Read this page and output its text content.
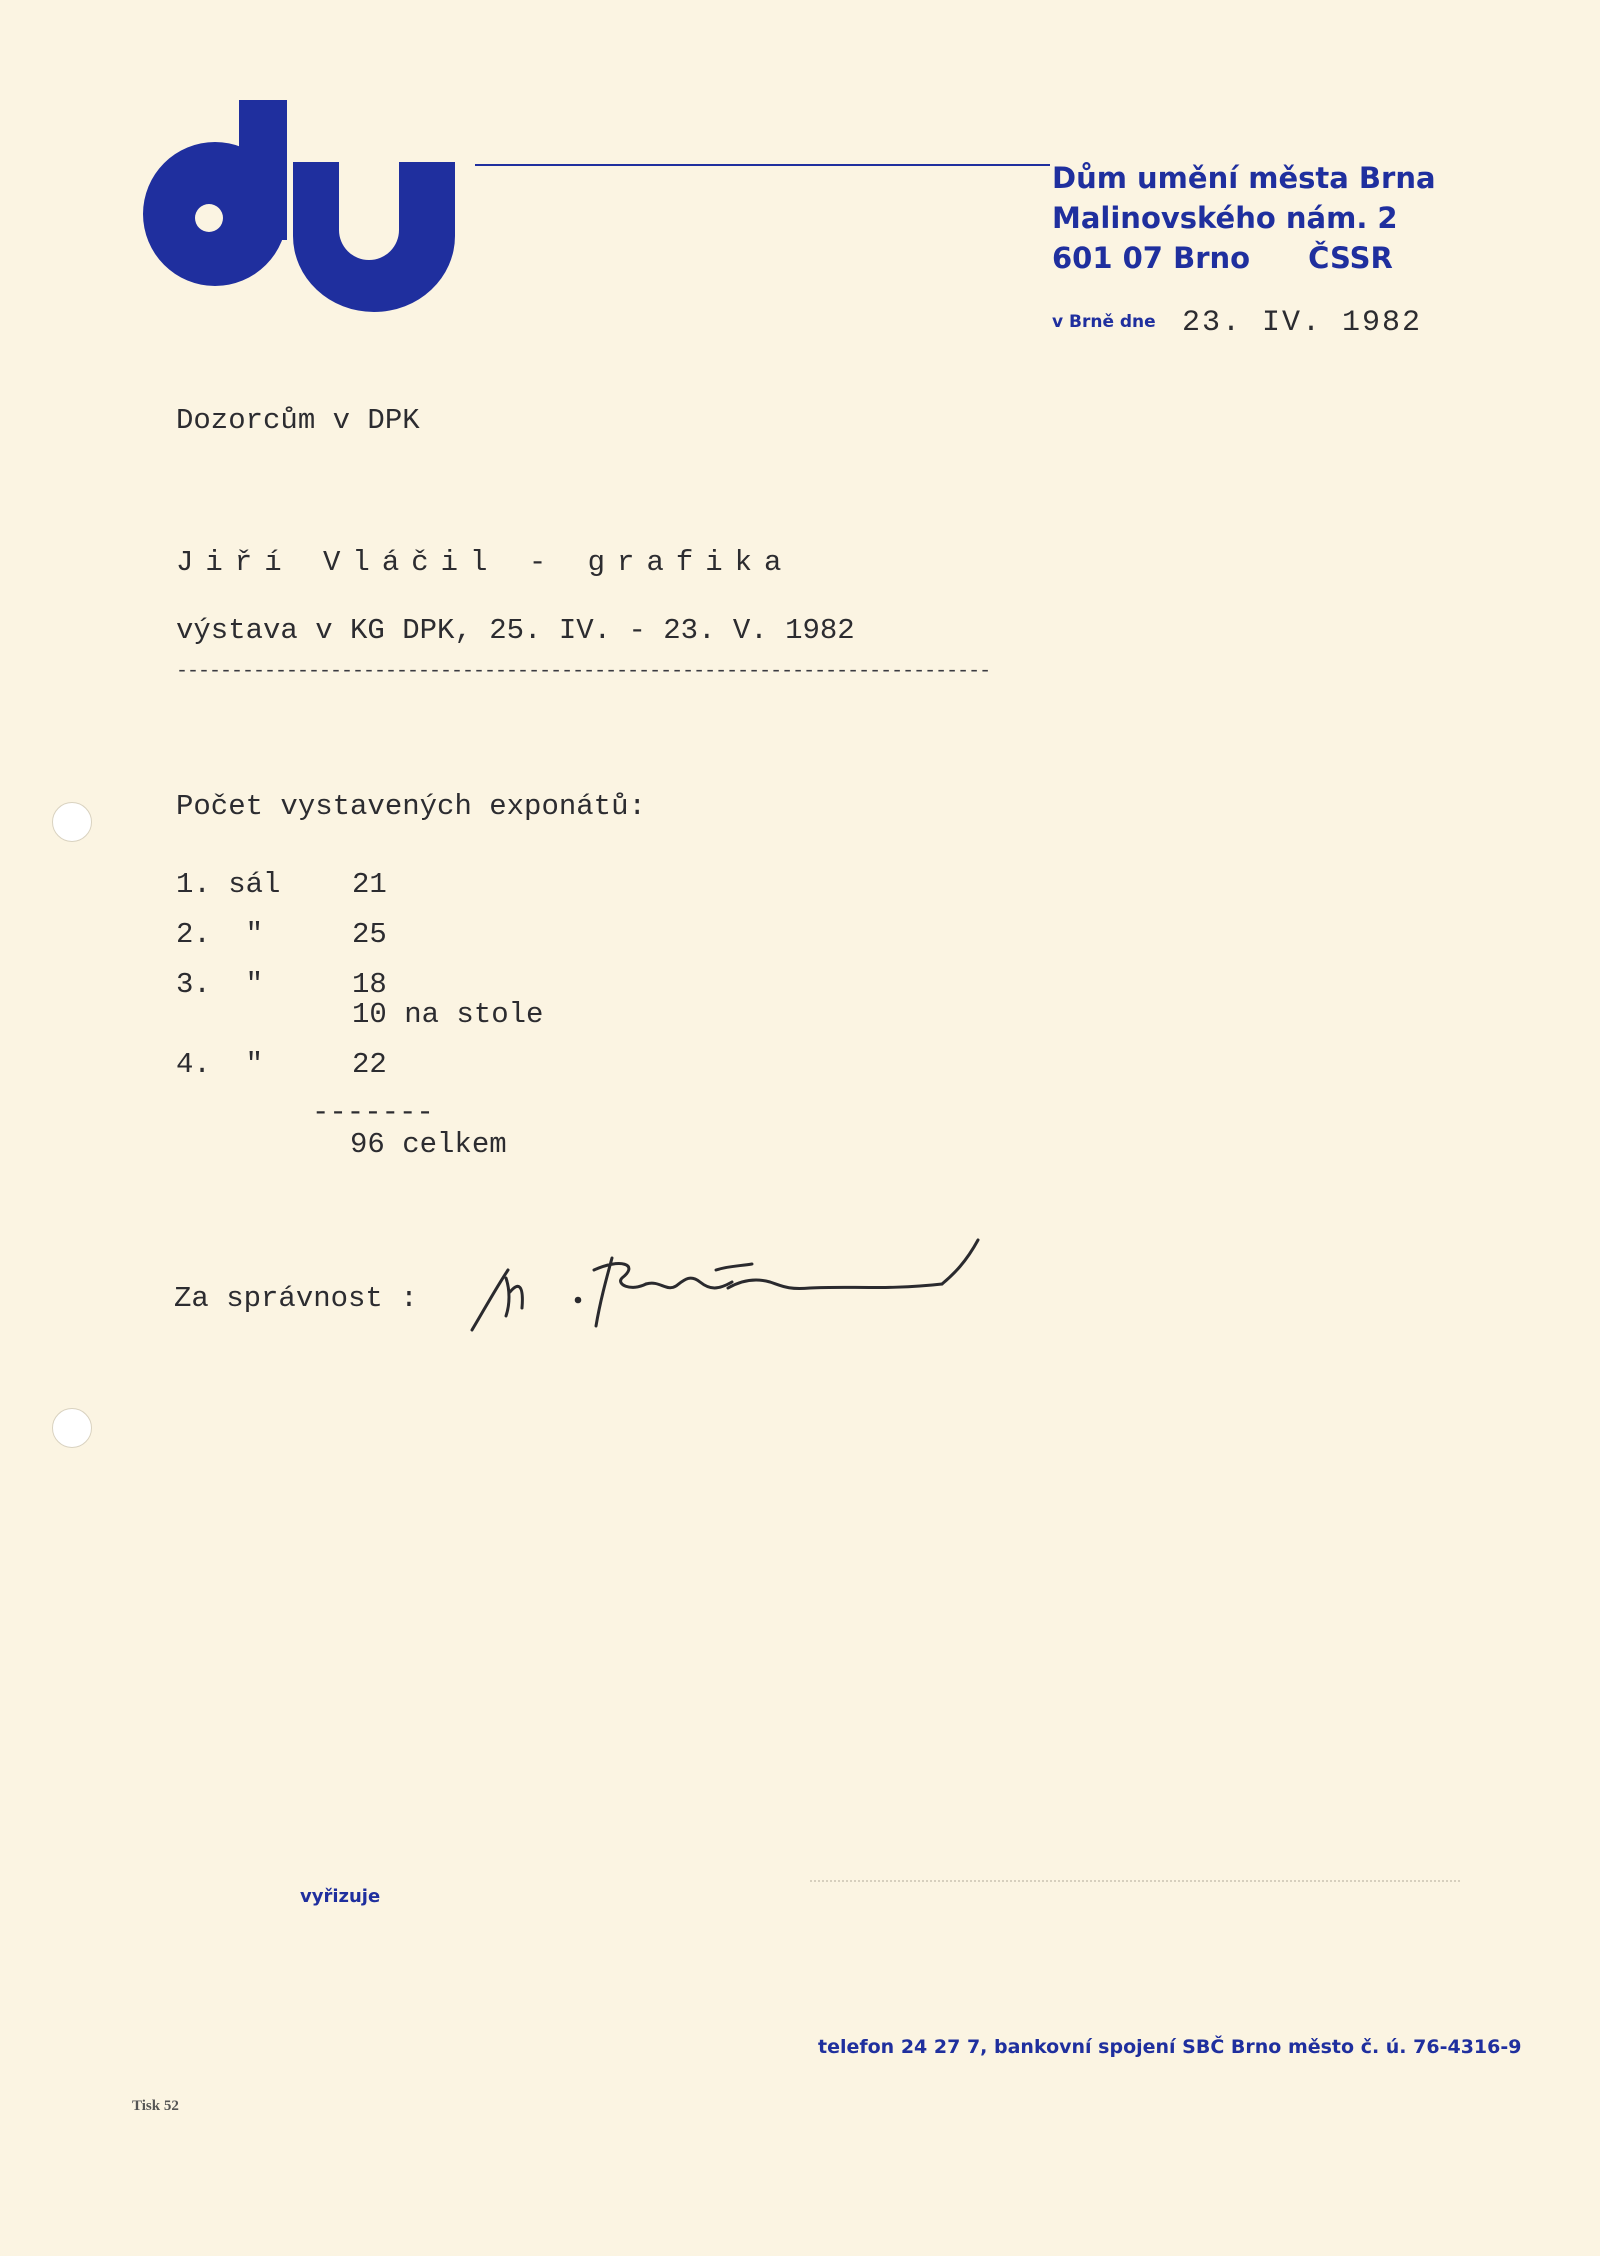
Dům umění města Brna
Malinovského nám. 2
601 07 Brno ČSSR
v Brně dne 23. IV. 1982
Dozorcům v DPK
Jiří Vláčil - grafika
výstava v KG DPK, 25. IV. - 23. V. 1982
--------------------------------------------------------------------------
Počet vystavených exponátů:
1. sál 21
2.  "	25
3.  "	18
10 na stole
4.  "	22
-------
96 celkem
Za správnost :
vyřizuje
telefon 24 27 7, bankovní spojení SBČ Brno město č. ú. 76-4316-9
Tisk 52
